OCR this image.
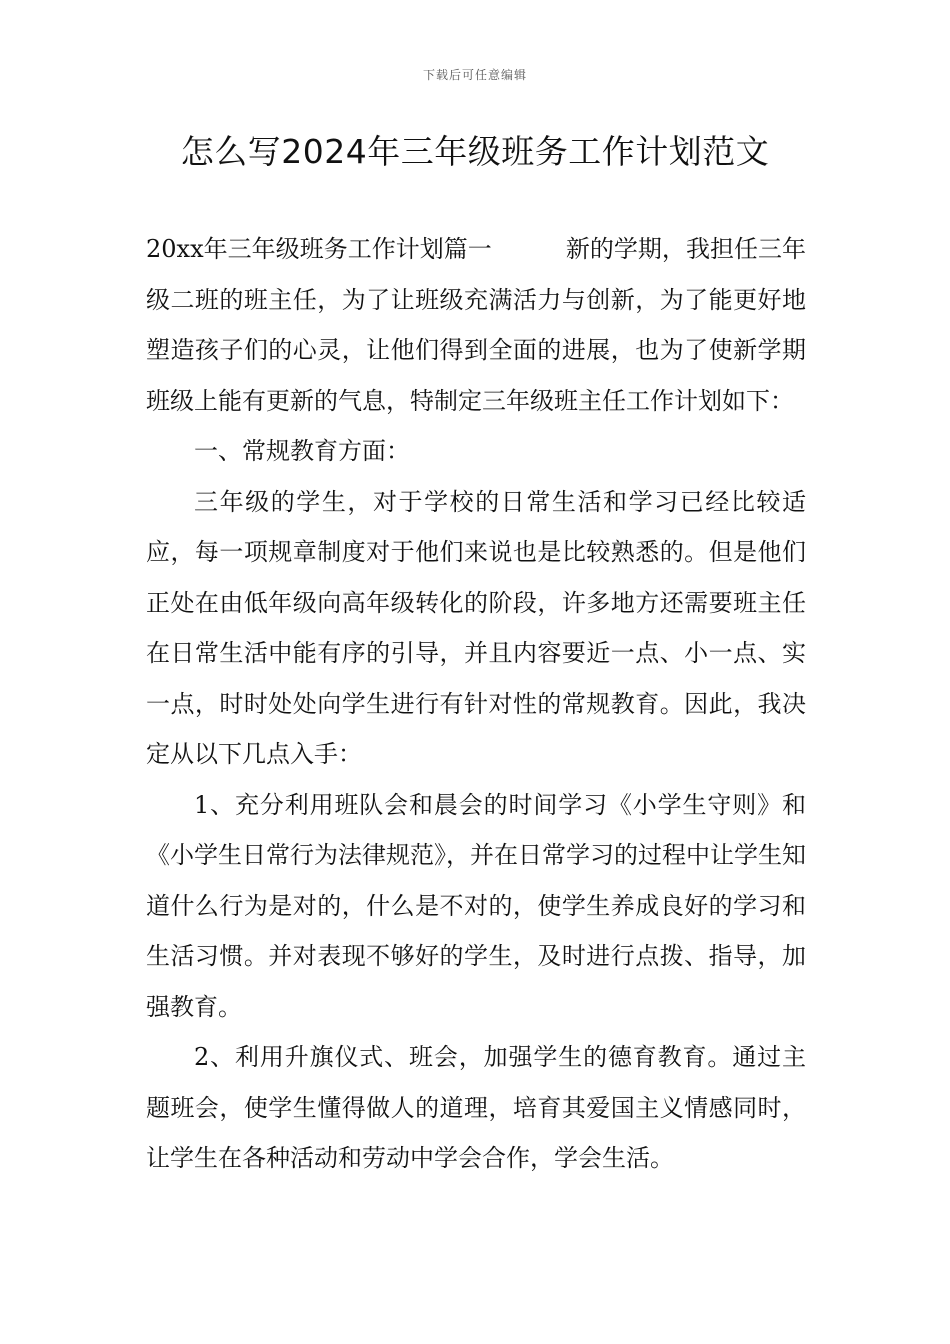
下载后可任意编辑
怎么写2024年三年级班务工作计划范文

20xx年三年级班务工作计划篇一	新的学期，我担任三年级二班的班主任，为了让班级充满活力与创新，为了能更好地塑造孩子们的心灵，让他们得到全面的进展，也为了使新学期班级上能有更新的气息，特制定三年级班主任工作计划如下：

一、常规教育方面：

三年级的学生，对于学校的日常生活和学习已经比较适应，每一项规章制度对于他们来说也是比较熟悉的。但是他们正处在由低年级向高年级转化的阶段，许多地方还需要班主任在日常生活中能有序的引导，并且内容要近一点、小一点、实一点，时时处处向学生进行有针对性的常规教育。因此，我决定从以下几点入手：

1、充分利用班队会和晨会的时间学习《小学生守则》和《小学生日常行为法律规范》，并在日常学习的过程中让学生知道什么行为是对的，什么是不对的，使学生养成良好的学习和生活习惯。并对表现不够好的学生，及时进行点拨、指导，加强教育。

2、利用升旗仪式、班会，加强学生的德育教育。通过主题班会，使学生懂得做人的道理，培育其爱国主义情感同时，让学生在各种活动和劳动中学会合作，学会生活。
